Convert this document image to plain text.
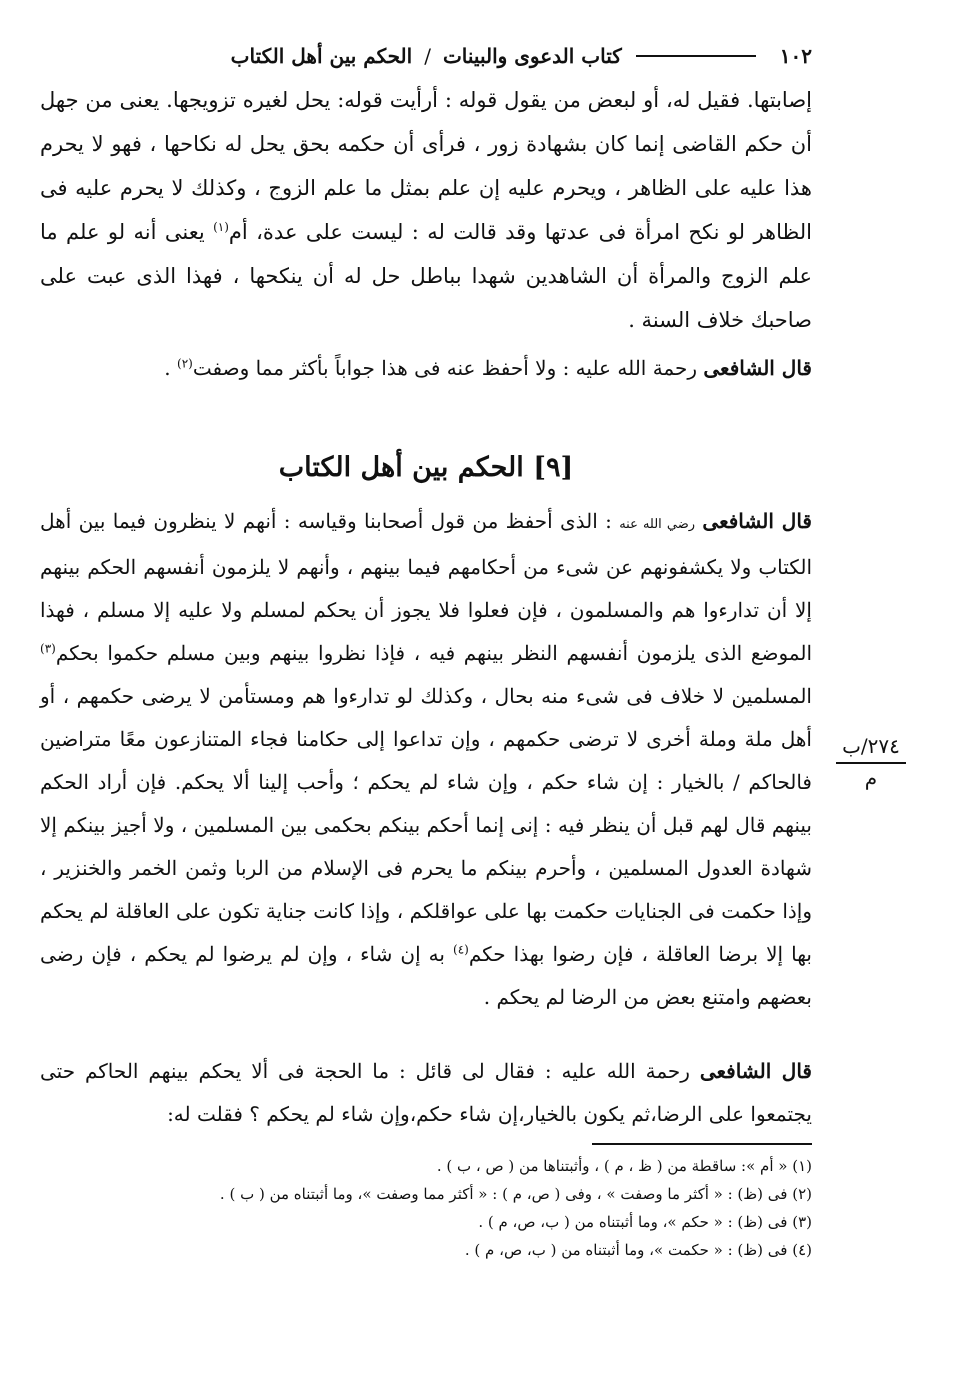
١٠٢
كتاب الدعوى والبينات
/
الحكم بين أهل الكتاب

إصابتها. فقيل له، أو لبعض من يقول قوله : أرأيت قوله: يحل لغيره تزويجها. يعنى من جهل أن حكم القاضى إنما كان بشهادة زور ، فرأى أن حكمه بحق يحل له نكاحها ، فهو لا يحرم هذا عليه على الظاهر ، ويحرم عليه إن علم بمثل ما علم الزوج ، وكذلك لا يحرم عليه فى الظاهر لو نكح امرأة فى عدتها وقد قالت له : ليست على عدة، أم$^{(١)}$ يعنى أنه لو علم ما علم الزوج والمرأة أن الشاهدين شهدا بباطل حل له أن ينكحها ، فهذا الذى عبت على صاحبك خلاف السنة .

قال الشافعى رحمة الله عليه : ولا أحفظ عنه فى هذا جواباً بأكثر مما وصفت$^{(٢)}$ .

[٩] الحكم بين أهل الكتاب

قال الشافعى رضي الله عنه : الذى أحفظ من قول أصحابنا وقياسه : أنهم لا ينظرون فيما بين أهل الكتاب ولا يكشفونهم عن شىء من أحكامهم فيما بينهم ، وأنهم لا يلزمون أنفسهم الحكم بينهم إلا أن تدارءوا هم والمسلمون ، فإن فعلوا فلا يجوز أن يحكم لمسلم ولا عليه إلا مسلم ، فهذا الموضع الذى يلزمون أنفسهم النظر بينهم فيه ، فإذا نظروا بينهم وبين مسلم حكموا بحكم$^{(٣)}$ المسلمين لا خلاف فى شىء منه بحال ، وكذلك لو تدارءوا هم ومستأمن لا يرضى حكمهم ، أو أهل ملة وملة أخرى لا ترضى حكمهم ، وإن تداعوا إلى حكامنا فجاء المتنازعون معًا متراضين فالحاكم / بالخيار : إن شاء حكم ، وإن شاء لم يحكم ؛ وأحب إلينا ألا يحكم. فإن أراد الحكم بينهم قال لهم قبل أن ينظر فيه : إنى إنما أحكم بينكم بحكمى بين المسلمين ، ولا أجيز بينكم إلا شهادة العدول المسلمين ، وأحرم بينكم ما يحرم فى الإسلام من الربا وثمن الخمر والخنزير ، وإذا حكمت فى الجنايات حكمت بها على عواقلكم ، وإذا كانت جناية تكون على العاقلة لم يحكم بها إلا برضا العاقلة ، فإن رضوا بهذا حكم$^{(٤)}$ به إن شاء ، وإن لم يرضوا لم يحكم ، فإن رضى بعضهم وامتنع بعض من الرضا لم يحكم .

قال الشافعى رحمة الله عليه : فقال لى قائل : ما الحجة فى ألا يحكم بينهم الحاكم حتى يجتمعوا على الرضا،ثم يكون بالخيار،إن شاء حكم،وإن شاء لم يحكم ؟ فقلت له:

٢٧٤/ب
م
(١) « أم »: ساقطة من ( ظ ، م ) ، وأثبتناها من ( ص ، ب ) .
(٢) فى (ظ) : « أكثر ما وصفت » ، وفى ( ص، م ) : « أكثر مما وصفت »، وما أثبتناه من ( ب ) .
(٣) فى (ظ) : « حكم »، وما أثبتناه من ( ب، ص، م ) .
(٤) فى (ظ) : « حكمت »، وما أثبتناه من ( ب، ص، م ) .
